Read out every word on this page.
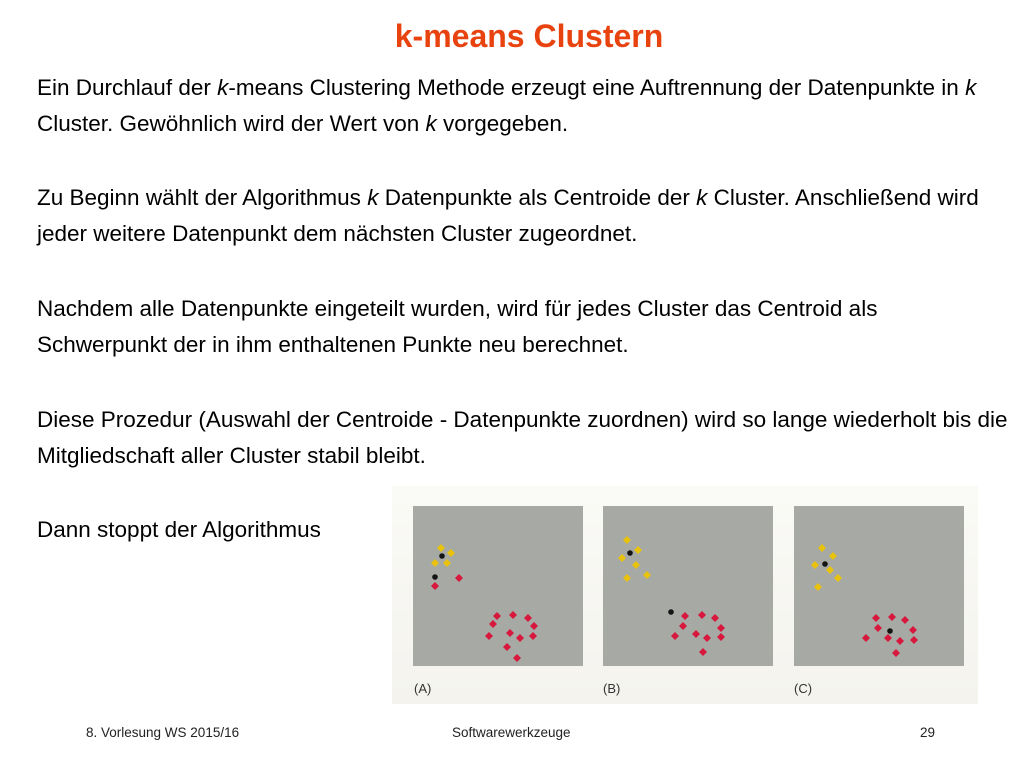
k-means Clustern

Ein Durchlauf der k-means Clustering Methode erzeugt eine Auftrennung der Datenpunkte in k Cluster. Gewöhnlich wird der Wert von k vorgegeben.

Zu Beginn wählt der Algorithmus k Datenpunkte als Centroide der k Cluster. Anschließend wird jeder weitere Datenpunkt dem nächsten Cluster zugeordnet.

Nachdem alle Datenpunkte eingeteilt wurden, wird für jedes Cluster das Centroid als Schwerpunkt der in ihm enthaltenen Punkte neu berechnet.

Diese Prozedur (Auswahl der Centroide - Datenpunkte zuordnen) wird so lange wiederholt bis die Mitgliedschaft aller Cluster stabil bleibt.

Dann stoppt der Algorithmus

(A)	(B)	(C)
8. Vorlesung WS 2015/16	Softwarewerkzeuge	29
